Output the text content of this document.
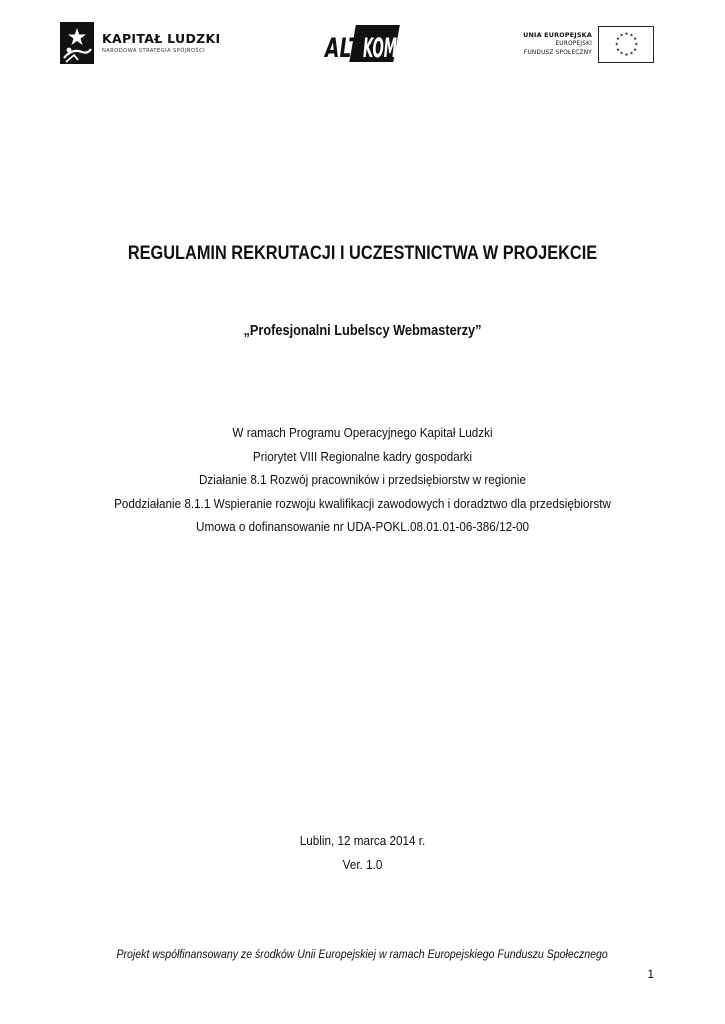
KAPITAŁ LUDZKI
NARODOWA STRATEGIA SPÓJNOŚCI	ALT KOM	UNIA EUROPEJSKA
EUROPEJSKI
FUNDUSZ SPOŁECZNY
★ ★
★
★
★
★
★
★
★
★
★
★
REGULAMIN REKRUTACJI I UCZESTNICTWA W PROJEKCIE
„Profesjonalni Lubelscy Webmasterzy”
W ramach Programu Operacyjnego Kapitał Ludzki
Priorytet VIII Regionalne kadry gospodarki
Działanie 8.1 Rozwój pracowników i przedsiębiorstw w regionie
Poddziałanie 8.1.1 Wspieranie rozwoju kwalifikacji zawodowych i doradztwo dla przedsiębiorstw
Umowa o dofinansowanie nr UDA-POKL.08.01.01-06-386/12-00
Lublin, 12 marca 2014 r.
Ver. 1.0
Projekt współfinansowany ze środków Unii Europejskiej w ramach Europejskiego Funduszu Społecznego
1
